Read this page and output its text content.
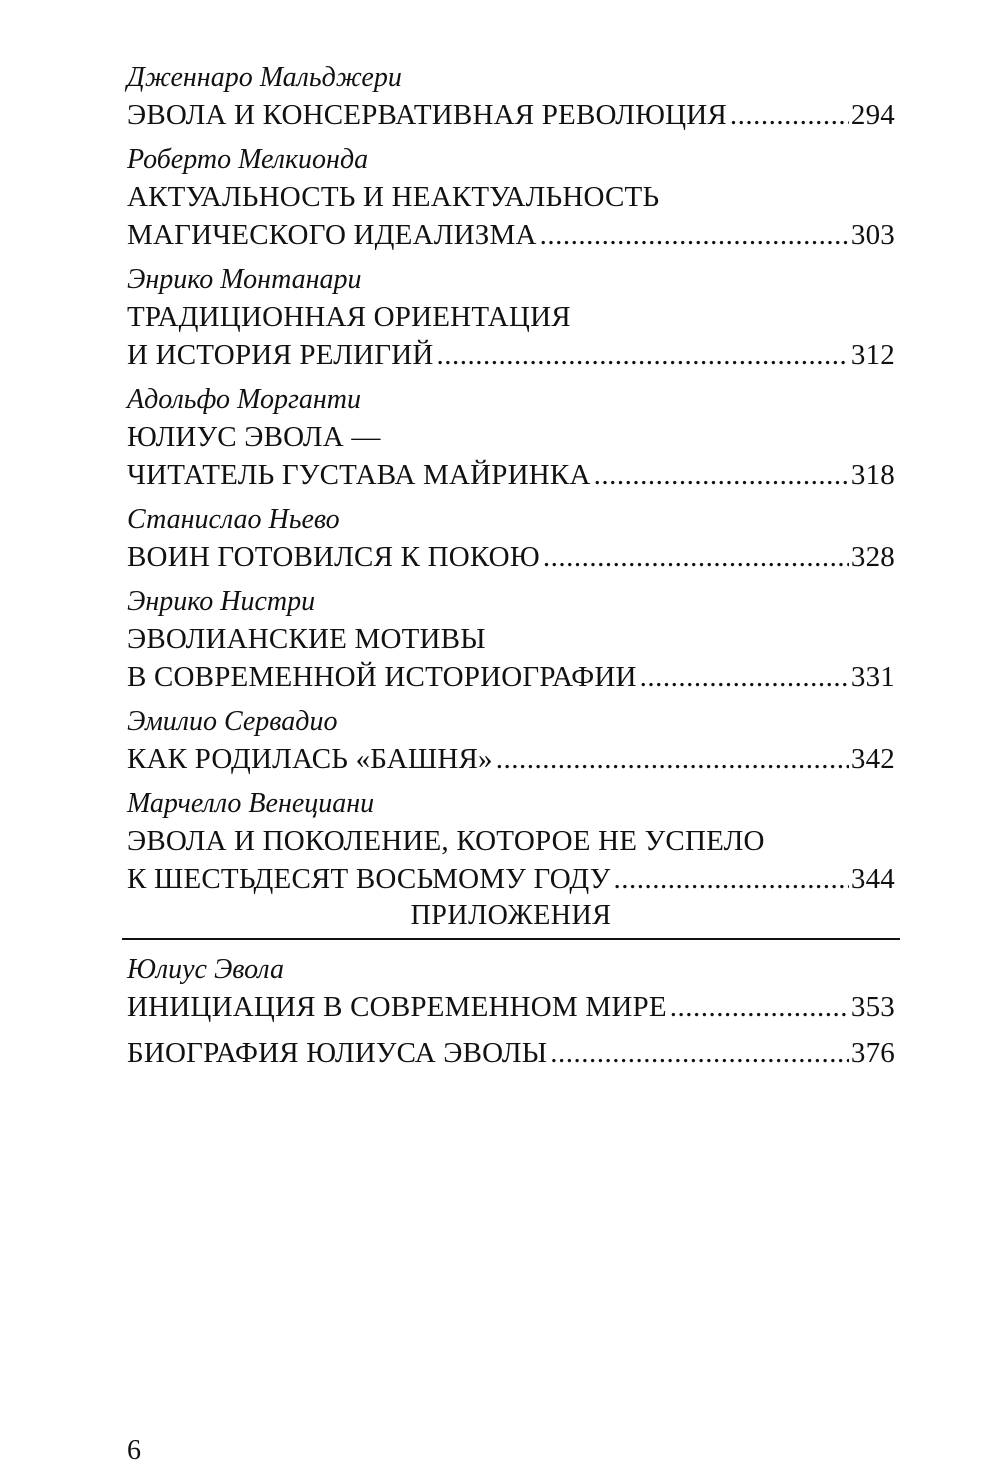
Дженнаро Мальджери
ЭВОЛА И КОНСЕРВАТИВНАЯ РЕВОЛЮЦИЯ .....	294
Роберто Мелкионда
АКТУАЛЬНОСТЬ И НЕАКТУАЛЬНОСТЬ
МАГИЧЕСКОГО ИДЕАЛИЗМА .....	303
Энрико Монтанари
ТРАДИЦИОННАЯ ОРИЕНТАЦИЯ
И ИСТОРИЯ РЕЛИГИЙ .....	312
Адольфо Морганти
ЮЛИУС ЭВОЛА —
ЧИТАТЕЛЬ ГУСТАВА МАЙРИНКА .....	318
Станислао Ньево
ВОИН ГОТОВИЛСЯ К ПОКОЮ .....	328
Энрико Нистри
ЭВОЛИАНСКИЕ МОТИВЫ
В СОВРЕМЕННОЙ ИСТОРИОГРАФИИ .....	331
Эмилио Сервадио
КАК РОДИЛАСЬ «БАШНЯ» .....	342
Марчелло Венециани
ЭВОЛА И ПОКОЛЕНИЕ, КОТОРОЕ НЕ УСПЕЛО
К ШЕСТЬДЕСЯТ ВОСЬМОМУ ГОДУ .....	344
ПРИЛОЖЕНИЯ
Юлиус Эвола
ИНИЦИАЦИЯ В СОВРЕМЕННОМ МИРЕ .....	353
БИОГРАФИЯ ЮЛИУСА ЭВОЛЫ .....	376
6
